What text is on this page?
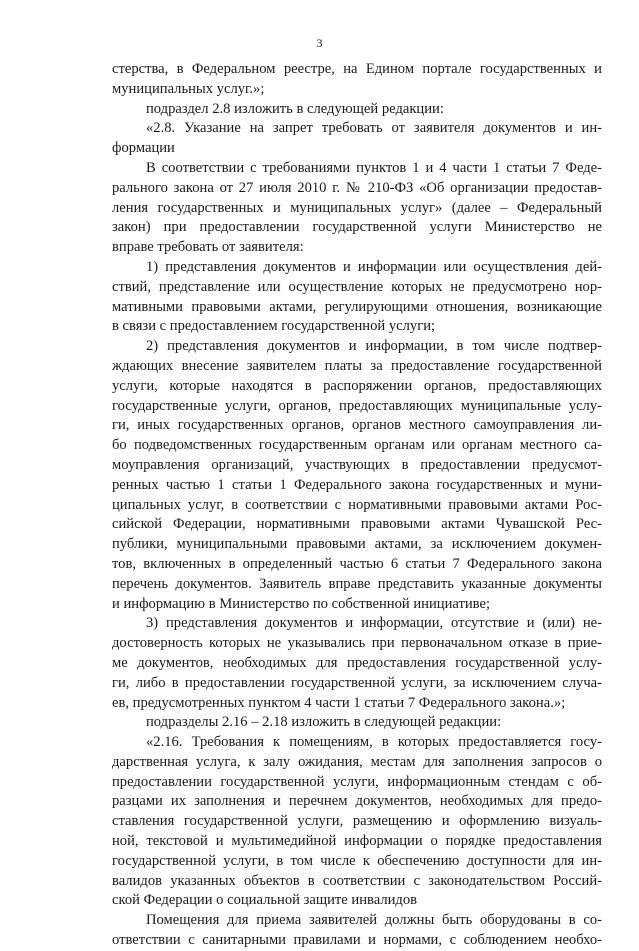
3
стерства, в Федеральном реестре, на Едином портале государственных и
муниципальных услуг.»;
подраздел 2.8 изложить в следующей редакции:
«2.8. Указание на запрет требовать от заявителя документов и ин-
формации
В соответствии с требованиями пунктов 1 и 4 части 1 статьи 7 Феде-
рального закона от 27 июля 2010 г. № 210-ФЗ «Об организации предостав-
ления государственных и муниципальных услуг» (далее – Федеральный
закон) при предоставлении государственной услуги Министерство не
вправе требовать от заявителя:
1) представления документов и информации или осуществления дей-
ствий, представление или осуществление которых не предусмотрено нор-
мативными правовыми актами, регулирующими отношения, возникающие
в связи с предоставлением государственной услуги;
2) представления документов и информации, в том числе подтвер-
ждающих внесение заявителем платы за предоставление государственной
услуги, которые находятся в распоряжении органов, предоставляющих
государственные услуги, органов, предоставляющих муниципальные услу-
ги, иных государственных органов, органов местного самоуправления ли-
бо подведомственных государственным органам или органам местного са-
моуправления организаций, участвующих в предоставлении предусмот-
ренных частью 1 статьи 1 Федерального закона государственных и муни-
ципальных услуг, в соответствии с нормативными правовыми актами Рос-
сийской Федерации, нормативными правовыми актами Чувашской Рес-
публики, муниципальными правовыми актами, за исключением докумен-
тов, включенных в определенный частью 6 статьи 7 Федерального закона
перечень документов. Заявитель вправе представить указанные документы
и информацию в Министерство по собственной инициативе;
3) представления документов и информации, отсутствие и (или) не-
достоверность которых не указывались при первоначальном отказе в прие-
ме документов, необходимых для предоставления государственной услу-
ги, либо в предоставлении государственной услуги, за исключением случа-
ев, предусмотренных пунктом 4 части 1 статьи 7 Федерального закона.»;
подразделы 2.16 – 2.18 изложить в следующей редакции:
«2.16. Требования к помещениям, в которых предоставляется госу-
дарственная услуга, к залу ожидания, местам для заполнения запросов о
предоставлении государственной услуги, информационным стендам с об-
разцами их заполнения и перечнем документов, необходимых для предо-
ставления государственной услуги, размещению и оформлению визуаль-
ной, текстовой и мультимедийной информации о порядке предоставления
государственной услуги, в том числе к обеспечению доступности для ин-
валидов указанных объектов в соответствии с законодательством Россий-
ской Федерации о социальной защите инвалидов
Помещения для приема заявителей должны быть оборудованы в со-
ответствии с санитарными правилами и нормами, с соблюдением необхо-
